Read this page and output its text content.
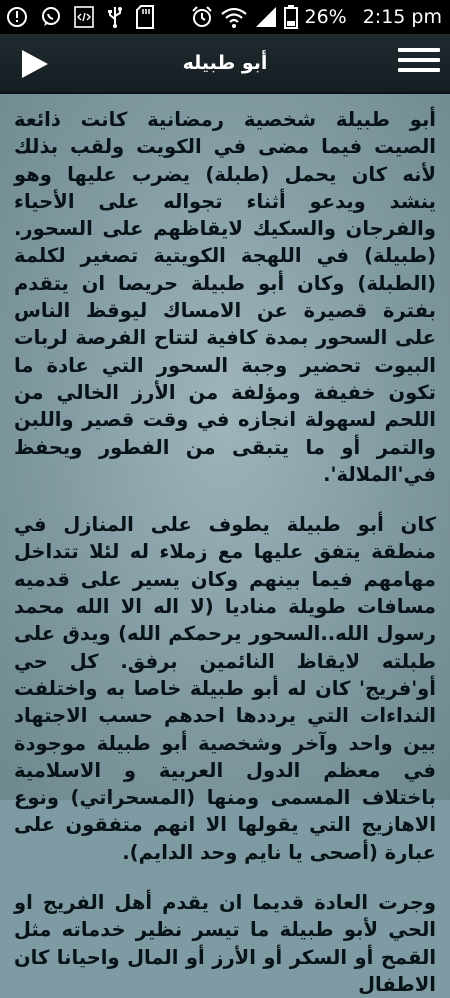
26% 2:15 pm
أبو طبيله

أبو طبيلة شخصية رمضانية كانت ذائعة الصيت فيما مضى في الكويت ولقب بذلك لأنه كان يحمل (طبلة) يضرب عليها وهو ينشد ويدعو أثناء تجواله على الأحياء والفرجان والسكيك لايقاظهم على السحور. (طبيلة) في اللهجة الكويتية تصغير لكلمة (الطبلة) وكان أبو طبيلة حريصا ان يتقدم بفترة قصيرة عن الامساك ليوقظ الناس على السحور بمدة كافية لتتاح الفرصة لربات البيوت تحضير وجبة السحور التي عادة ما تكون خفيفة ومؤلفة من الأرز الخالي من اللحم لسهولة انجازه في وقت قصير واللبن والتمر أو ما يتبقى من الفطور ويحفظ في'الملالة'.

كان أبو طبيلة يطوف على المنازل في منطقة يتفق عليها مع زملاء له لئلا تتداخل مهامهم فيما بينهم وكان يسير على قدميه مسافات طويلة مناديا (لا اله الا الله محمد رسول الله..السحور يرحمكم الله) ويدق على طبلته لايقاظ النائمين برفق. كل حي أو'فريج' كان له أبو طبيلة خاصا به واختلفت النداءات التي يرددها احدهم حسب الاجتهاد بين واحد وآخر وشخصية أبو طبيلة موجودة في معظم الدول العربية و الاسلامية باختلاف المسمى ومنها (المسحراتي) ونوع الاهازيج التي يقولها الا انهم متفقون على عبارة (أصحى يا نايم وحد الدايم).

وجرت العادة قديما ان يقدم أهل الفريج او الحي لأبو طبيلة ما تيسر نظير خدماته مثل القمح أو السكر أو الأرز أو المال واحيانا كان الاطفال
